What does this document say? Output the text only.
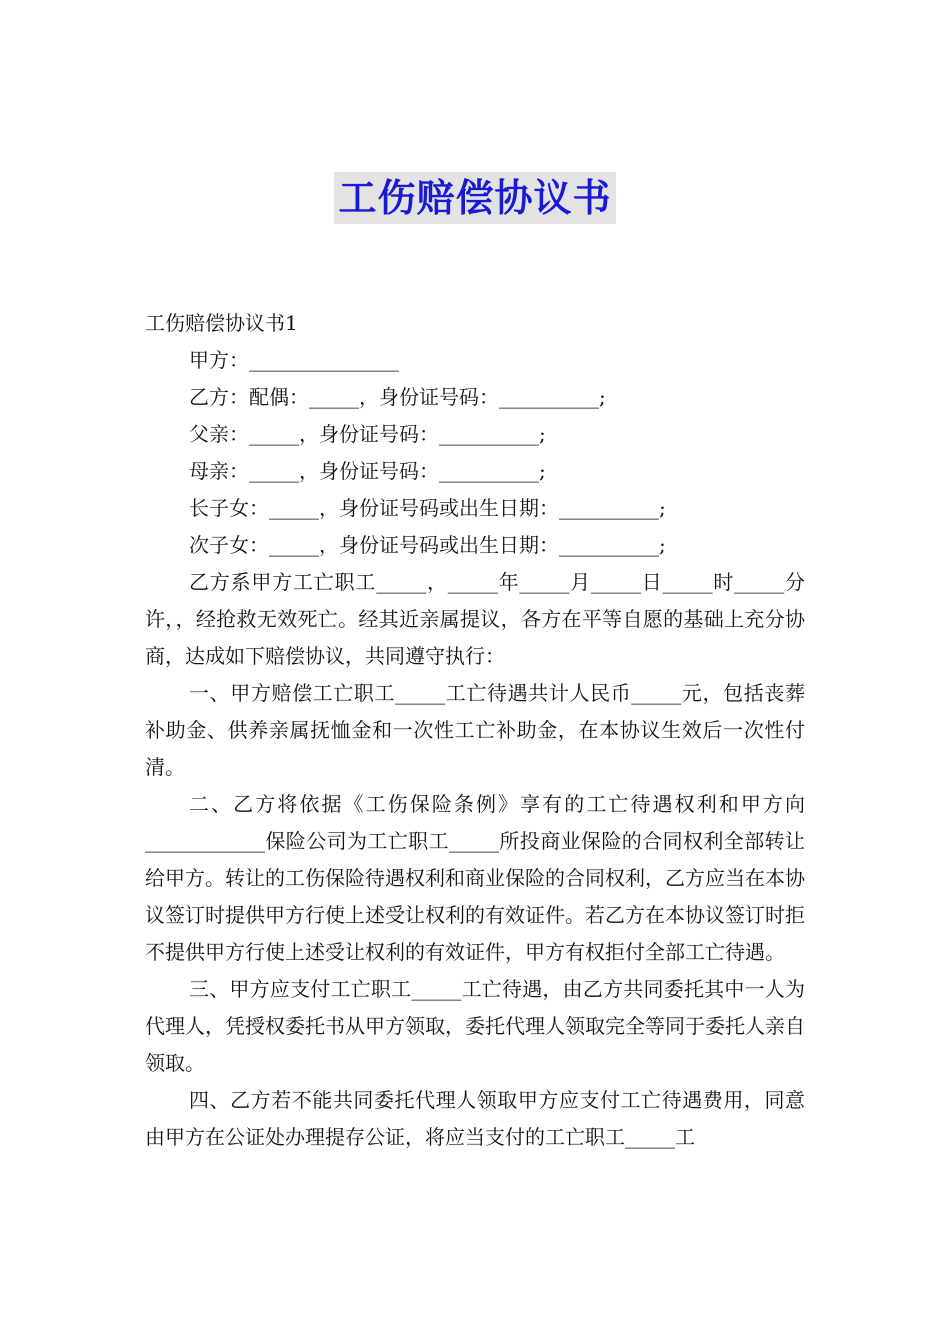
工伤赔偿协议书

工伤赔偿协议书1

甲方：_______________

乙方：配偶：_____，身份证号码：__________;

父亲：_____，身份证号码：__________;

母亲：_____，身份证号码：__________;

长子女：_____，身份证号码或出生日期：__________;

次子女：_____，身份证号码或出生日期：__________;

乙方系甲方工亡职工_____，_____年_____月_____日_____时_____分许，，经抢救无效死亡。经其近亲属提议，各方在平等自愿的基础上充分协商，达成如下赔偿协议，共同遵守执行：

一、甲方赔偿工亡职工_____工亡待遇共计人民币_____元，包括丧葬补助金、供养亲属抚恤金和一次性工亡补助金，在本协议生效后一次性付清。

二、乙方将依据《工伤保险条例》享有的工亡待遇权利和甲方向____________保险公司为工亡职工_____所投商业保险的合同权利全部转让给甲方。转让的工伤保险待遇权利和商业保险的合同权利，乙方应当在本协议签订时提供甲方行使上述受让权利的有效证件。若乙方在本协议签订时拒不提供甲方行使上述受让权利的有效证件，甲方有权拒付全部工亡待遇。

三、甲方应支付工亡职工_____工亡待遇，由乙方共同委托其中一人为代理人，凭授权委托书从甲方领取，委托代理人领取完全等同于委托人亲自领取。

四、乙方若不能共同委托代理人领取甲方应支付工亡待遇费用，同意由甲方在公证处办理提存公证，将应当支付的工亡职工_____工
